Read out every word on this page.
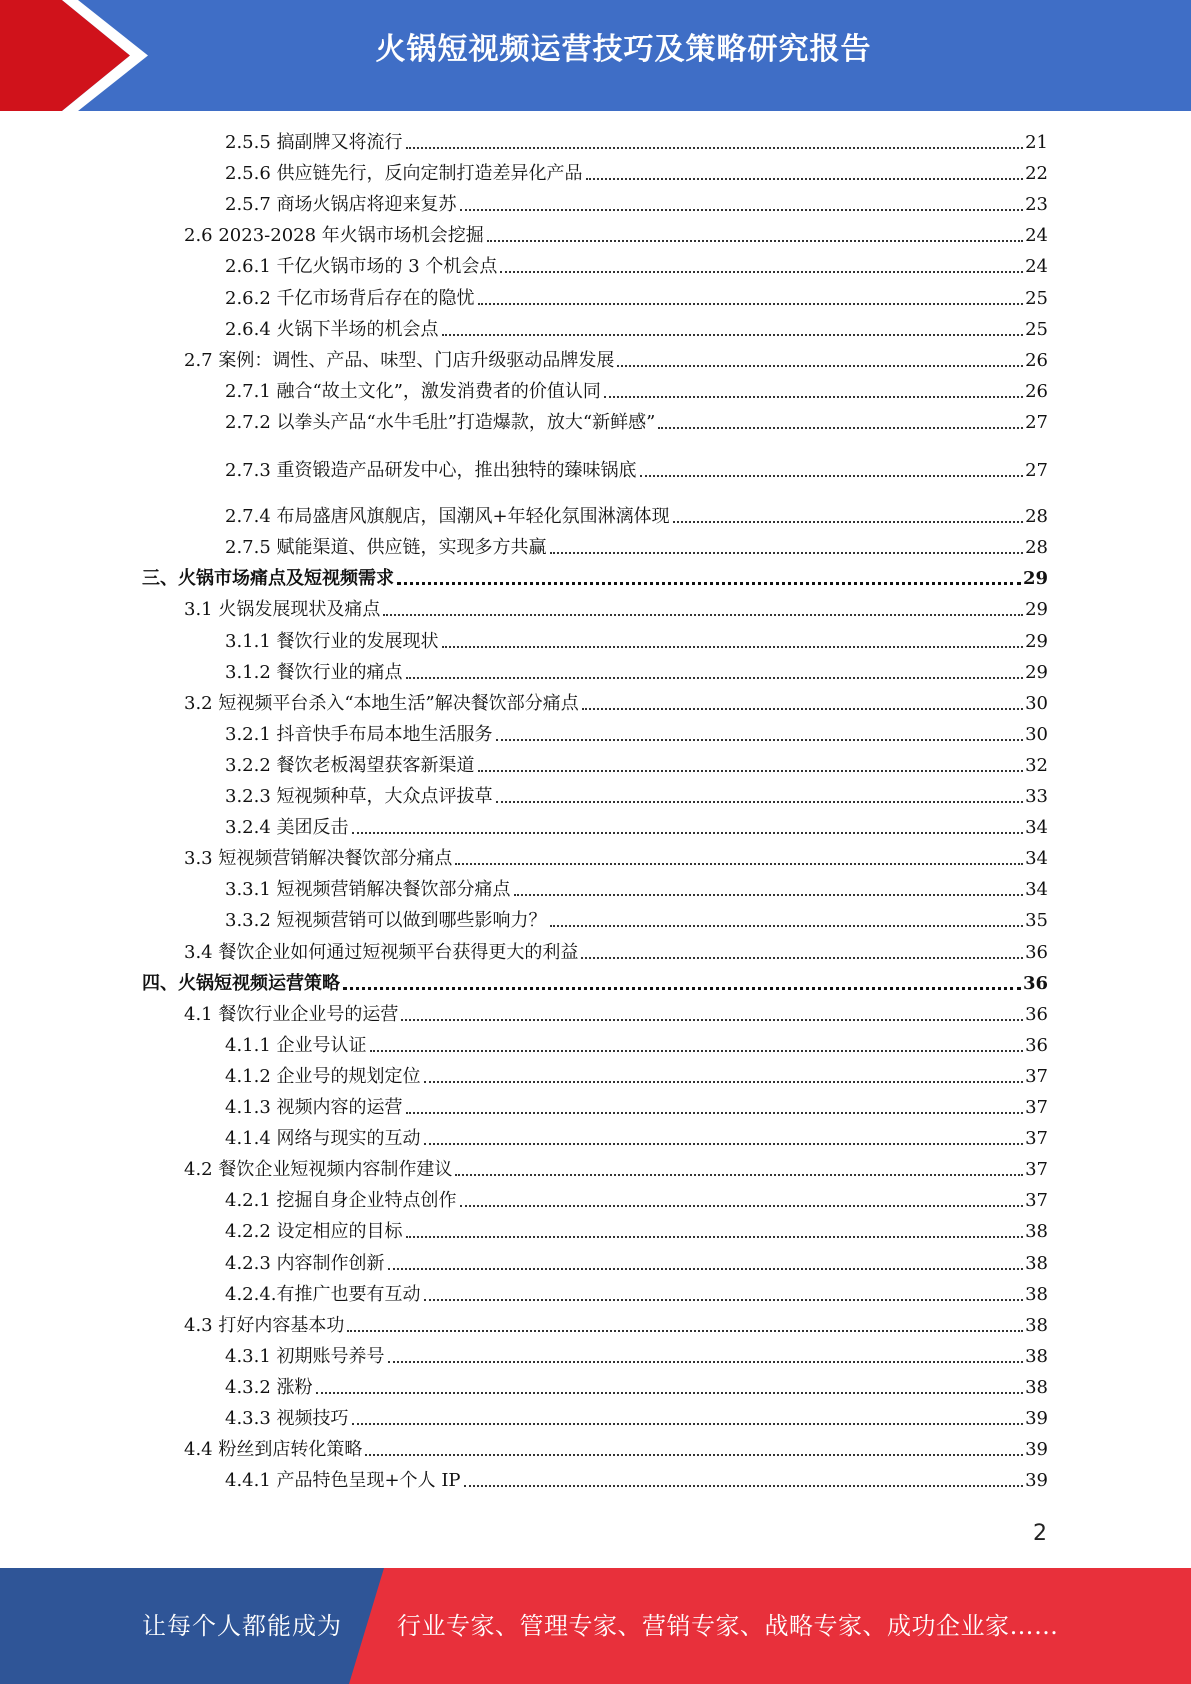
火锅短视频运营技巧及策略研究报告
2.5.5 搞副牌又将流行	21
2.5.6 供应链先行，反向定制打造差异化产品	22
2.5.7 商场火锅店将迎来复苏	23
2.6 2023-2028 年火锅市场机会挖掘	24
2.6.1 千亿火锅市场的 3 个机会点	24
2.6.2 千亿市场背后存在的隐忧	25
2.6.4 火锅下半场的机会点	25
2.7 案例：调性、产品、味型、门店升级驱动品牌发展	26
2.7.1 融合“故土文化”，激发消费者的价值认同	26
2.7.2 以拳头产品“水牛毛肚”打造爆款，放大“新鲜感”	27
2.7.3 重资锻造产品研发中心，推出独特的臻味锅底	27
2.7.4 布局盛唐风旗舰店，国潮风+年轻化氛围淋漓体现	28
2.7.5 赋能渠道、供应链，实现多方共赢	28
三、火锅市场痛点及短视频需求	29
3.1 火锅发展现状及痛点	29
3.1.1 餐饮行业的发展现状	29
3.1.2 餐饮行业的痛点	29
3.2 短视频平台杀入“本地生活”解决餐饮部分痛点	30
3.2.1 抖音快手布局本地生活服务	30
3.2.2 餐饮老板渴望获客新渠道	32
3.2.3 短视频种草，大众点评拔草	33
3.2.4 美团反击	34
3.3 短视频营销解决餐饮部分痛点	34
3.3.1 短视频营销解决餐饮部分痛点	34
3.3.2 短视频营销可以做到哪些影响力？	35
3.4 餐饮企业如何通过短视频平台获得更大的利益	36
四、火锅短视频运营策略	36
4.1 餐饮行业企业号的运营	36
4.1.1 企业号认证	36
4.1.2 企业号的规划定位	37
4.1.3 视频内容的运营	37
4.1.4 网络与现实的互动	37
4.2 餐饮企业短视频内容制作建议	37
4.2.1 挖掘自身企业特点创作	37
4.2.2 设定相应的目标	38
4.2.3 内容制作创新	38
4.2.4.有推广也要有互动	38
4.3 打好内容基本功	38
4.3.1 初期账号养号	38
4.3.2 涨粉	38
4.3.3 视频技巧	39
4.4 粉丝到店转化策略	39
4.4.1 产品特色呈现+个人 IP	39
2
让每个人都能成为 行业专家、管理专家、营销专家、战略专家、成功企业家……
